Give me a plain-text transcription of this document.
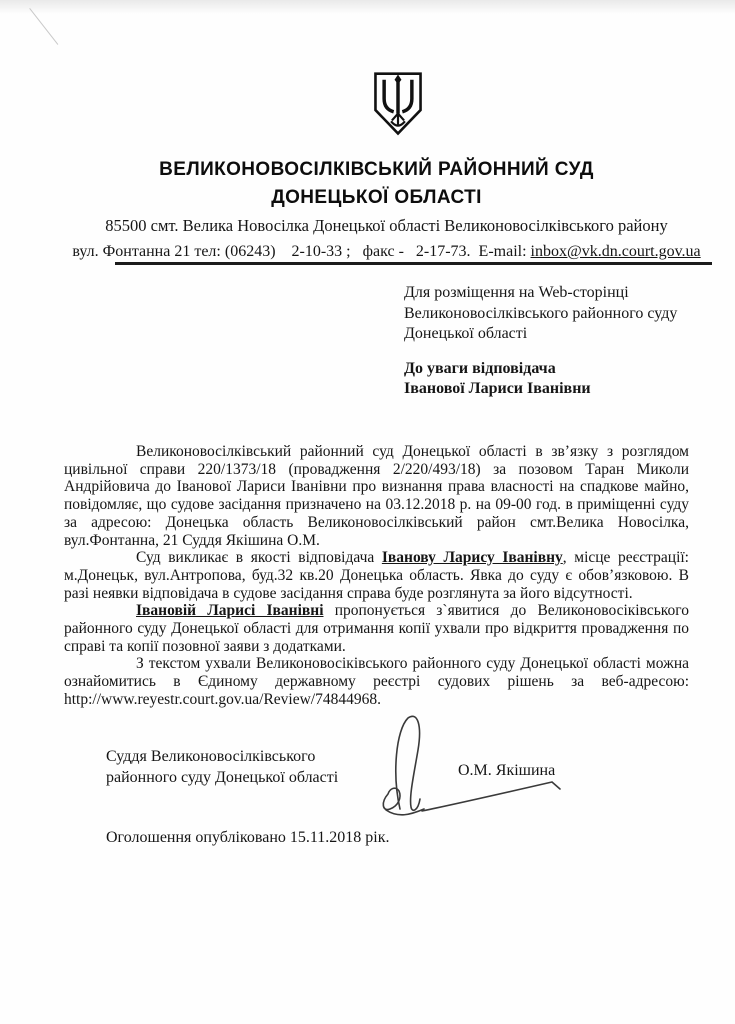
ВЕЛИКОНОВОСІЛКІВСЬКИЙ РАЙОННИЙ СУД
ДОНЕЦЬКОЇ ОБЛАСТІ
85500 смт. Велика Новосілка Донецької області Великоновосілківського району
вул. Фонтанна 21 тел: (06243)    2-10-33 ;   факс -   2-17-73.  E-mail: inbox@vk.dn.court.gov.ua
Для розміщення на Web-сторінці
Великоновосілківського районного суду
Донецької області
До уваги відповідача
Іванової Лариси Іванівни

Великоновосілківський районний суд Донецької області в зв’язку з розглядом цивільної справи 220/1373/18 (провадження 2/220/493/18) за позовом Таран Миколи Андрійовича до Іванової Лариси Іванівни про визнання права власності на спадкове майно, повідомляє, що судове засідання призначено на 03.12.2018 р. на 09-00 год. в приміщенні суду за адресою: Донецька область Великоновосілківський район смт.Велика Новосілка, вул.Фонтанна, 21 Суддя Якішина О.М.

Суд викликає в якості відповідача Іванову Ларису Іванівну, місце реєстрації: м.Донецьк, вул.Антропова, буд.32 кв.20 Донецька область. Явка до суду є обов’язковою. В разі неявки відповідача в судове засідання справа буде розглянута за його відсутності.

Івановій Ларисі Іванівні пропонується з`явитися до Великоновосіківського районного суду Донецької області для отримання копії ухвали про відкриття провадження по справі та копії позовної заяви з додатками.

З текстом ухвали Великоновосіківського районного суду Донецької області можна ознайомитись в Єдиному державному реєстрі судових рішень за веб-адресою: http://www.reyestr.court.gov.ua/Review/74844968.

Суддя Великоновосілківського
районного суду Донецької області	О.М. Якішина
Оголошення опубліковано 15.11.2018 рік.
